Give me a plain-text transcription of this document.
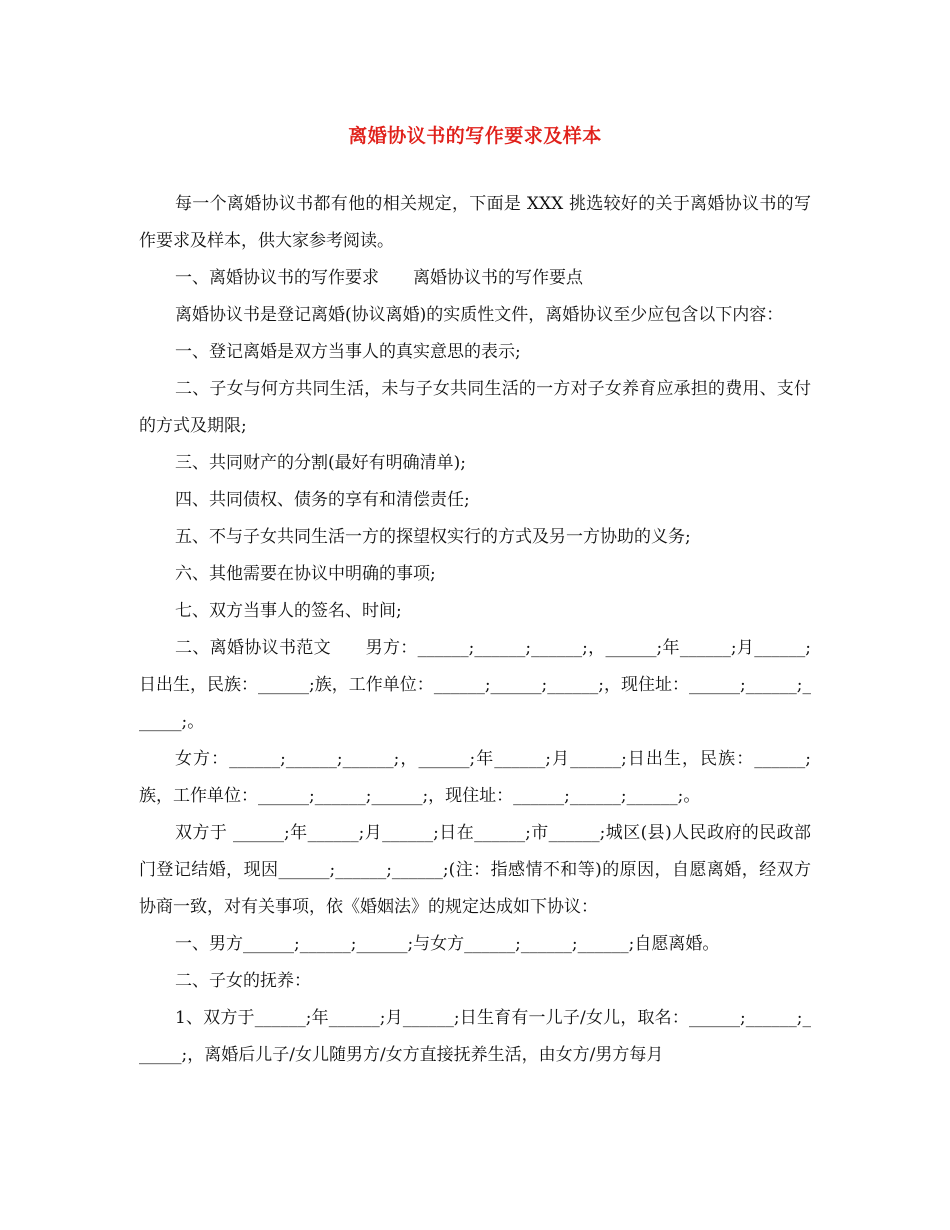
离婚协议书的写作要求及样本

每一个离婚协议书都有他的相关规定，下面是 XXX 挑选较好的关于离婚协议书的写作要求及样本，供大家参考阅读。

一、离婚协议书的写作要求　　离婚协议书的写作要点

离婚协议书是登记离婚(协议离婚)的实质性文件，离婚协议至少应包含以下内容：

一、登记离婚是双方当事人的真实意思的表示;

二、子女与何方共同生活，未与子女共同生活的一方对子女养育应承担的费用、支付的方式及期限;

三、共同财产的分割(最好有明确清单);

四、共同债权、债务的享有和清偿责任;

五、不与子女共同生活一方的探望权实行的方式及另一方协助的义务;

六、其他需要在协议中明确的事项;

七、双方当事人的签名、时间;

二、离婚协议书范文　　男方：______;______;______;，______;年______;月______;日出生，民族：______;族，工作单位：______;______;______;，现住址：______;______;______;。

女方：______;______;______;，______;年______;月______;日出生，民族：______;族，工作单位：______;______;______;，现住址：______;______;______;。

双方于 ______;年______;月______;日在______;市______;城区(县)人民政府的民政部门登记结婚，现因______;______;______;(注：指感情不和等)的原因，自愿离婚，经双方协商一致，对有关事项，依《婚姻法》的规定达成如下协议：

一、男方______;______;______;与女方______;______;______;自愿离婚。

二、子女的抚养：

1、双方于______;年______;月______;日生育有一儿子/女儿，取名：______;______;______;，离婚后儿子/女儿随男方/女方直接抚养生活，由女方/男方每月
